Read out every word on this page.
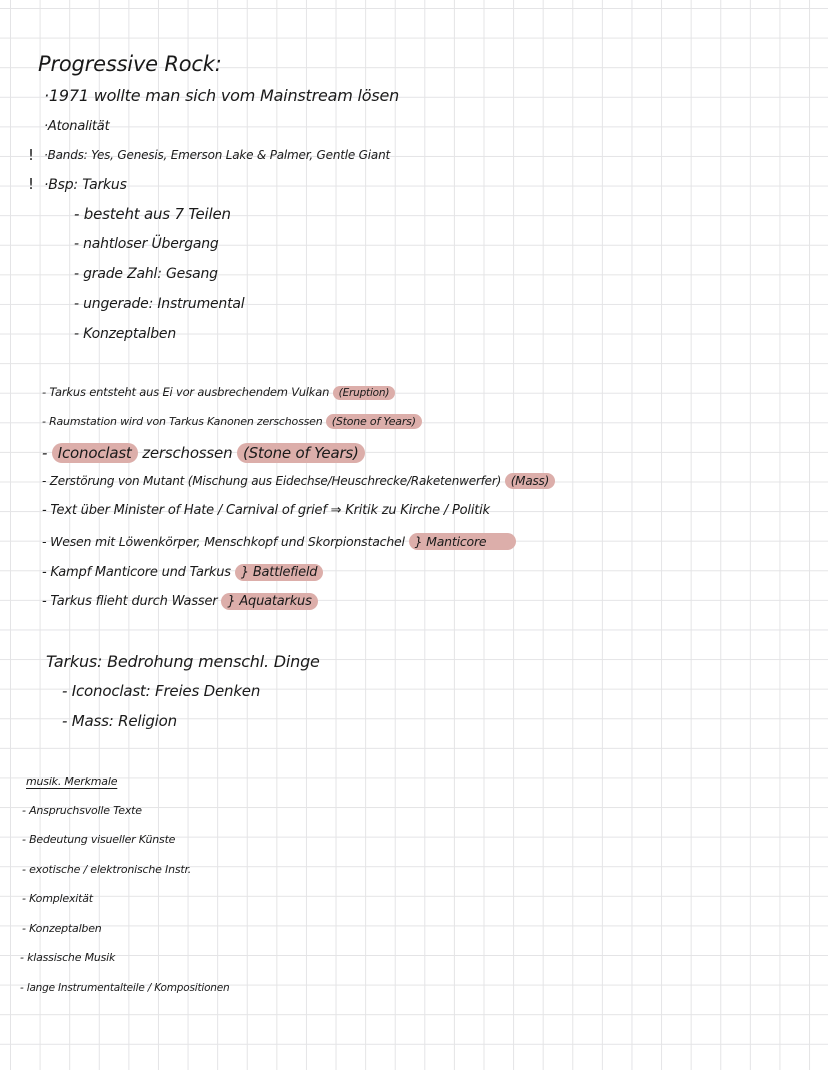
Progressive Rock:
·1971 wollte man sich vom Mainstream lösen
·Atonalität
! ·Bands: Yes, Genesis, Emerson Lake & Palmer, Gentle Giant
! ·Bsp: Tarkus
- besteht aus 7 Teilen
- nahtloser Übergang
- grade Zahl: Gesang
- ungerade: Instrumental
- Konzeptalben
- Tarkus entsteht aus Ei vor ausbrechendem Vulkan (Eruption)
- Raumstation wird von Tarkus Kanonen zerschossen (Stone of Years)
- Iconoclast zerschossen (Stone of Years)
- Zerstörung von Mutant (Mischung aus Eidechse/Heuschrecke/Raketenwerfer) (Mass)
- Text über Minister of Hate / Carnival of grief ⇒ Kritik zu Kirche / Politik
- Wesen mit Löwenkörper, Menschkopf und Skorpionstachel } Manticore
- Kampf Manticore und Tarkus } Battlefield
- Tarkus flieht durch Wasser } Aquatarkus
Tarkus: Bedrohung menschl. Dinge
- Iconoclast: Freies Denken
- Mass: Religion
musik. Merkmale
- Anspruchsvolle Texte
- Bedeutung visueller Künste
- exotische / elektronische Instr.
- Komplexität
- Konzeptalben
- klassische Musik
- lange Instrumentalteile / Kompositionen
